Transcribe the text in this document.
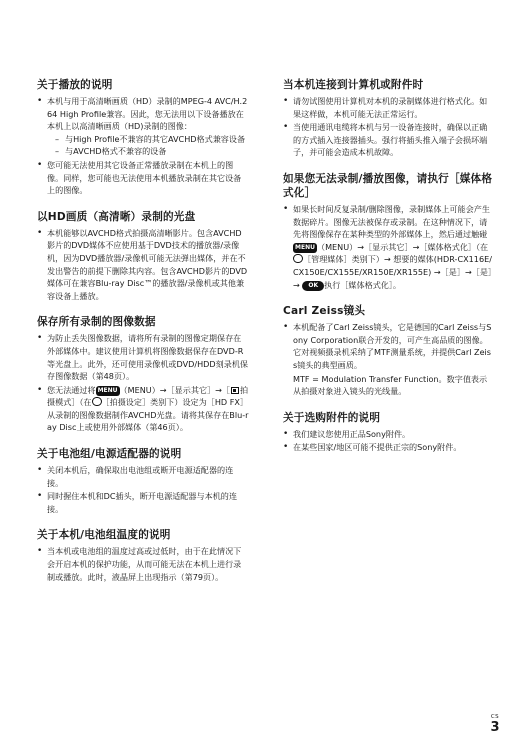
关于播放的说明
• 本机与用于高清晰画质（HD）录制的MPEG-4 AVC/H.264 High Profile兼容。因此，您无法用以下设备播放在本机上以高清晰画质（HD)录制的图像：
– 与High Profile不兼容的其它AVCHD格式兼容设备
– 与AVCHD格式不兼容的设备
• 您可能无法使用其它设备正常播放录制在本机上的图像。同样，您可能也无法使用本机播放录制在其它设备上的图像。
以HD画质（高清晰）录制的光盘
• 本机能够以AVCHD格式拍摄高清晰影片。包含AVCHD影片的DVD媒体不应使用基于DVD技术的播放器/录像机，因为DVD播放器/录像机可能无法弹出媒体，并在不发出警告的前提下删除其内容。包含AVCHD影片的DVD媒体可在兼容Blu-ray Disc™的播放器/录像机或其他兼容设备上播放。
保存所有录制的图像数据
• 为防止丢失图像数据，请将所有录制的图像定期保存在外部媒体中。建议使用计算机将图像数据保存在DVD-R等光盘上。此外，还可使用录像机或DVD/HDD刻录机保存图像数据（第48页）。
• 您无法通过将 MENU （MENU）→［显示其它］→［ 拍摄模式］（在 ［拍摄设定］类别下）设定为［HD FX］从录制的图像数据制作AVCHD光盘。请将其保存在Blu-ray Disc上或使用外部媒体（第46页）。
关于电池组/电源适配器的说明
• 关闭本机后，确保取出电池组或断开电源适配器的连接。
• 同时握住本机和DC插头，断开电源适配器与本机的连接。
关于本机/电池组温度的说明
• 当本机或电池组的温度过高或过低时，由于在此情况下会开启本机的保护功能，从而可能无法在本机上进行录制或播放。此时，液晶屏上出现指示（第79页）。
当本机连接到计算机或附件时
• 请勿试图使用计算机对本机的录制媒体进行格式化。如果这样做，本机可能无法正常运行。
• 当使用通讯电缆将本机与另一设备连接时，确保以正确的方式插入连接器插头。强行将插头推入端子会损坏端子，并可能会造成本机故障。
如果您无法录制/播放图像，请执行［媒体格式化］
• 如果长时间反复录制/删除图像，录制媒体上可能会产生数据碎片。图像无法被保存或录制。在这种情况下，请先将图像保存在某种类型的外部媒体上，然后通过触碰MENU （MENU）→［显示其它］→［媒体格式化］（在［管理媒体］类别下）→ 想要的媒体(HDR-CX116E/CX150E/CX155E/XR150E/XR155E) →［是］→［是］→ OK 执行［媒体格式化］。
Carl Zeiss镜头
• 本机配备了Carl Zeiss镜头，它是德国的Carl Zeiss与Sony Corporation联合开发的，可产生高品质的图像。它对视频摄录机采纳了MTF测量系统，并提供Carl Zeiss镜头的典型画质。
MTF = Modulation Transfer Function。数字值表示从拍摄对象进入镜头的光线量。
关于选购附件的说明
• 我们建议您使用正品Sony附件。
• 在某些国家/地区可能不提供正宗的Sony附件。
CS
3
